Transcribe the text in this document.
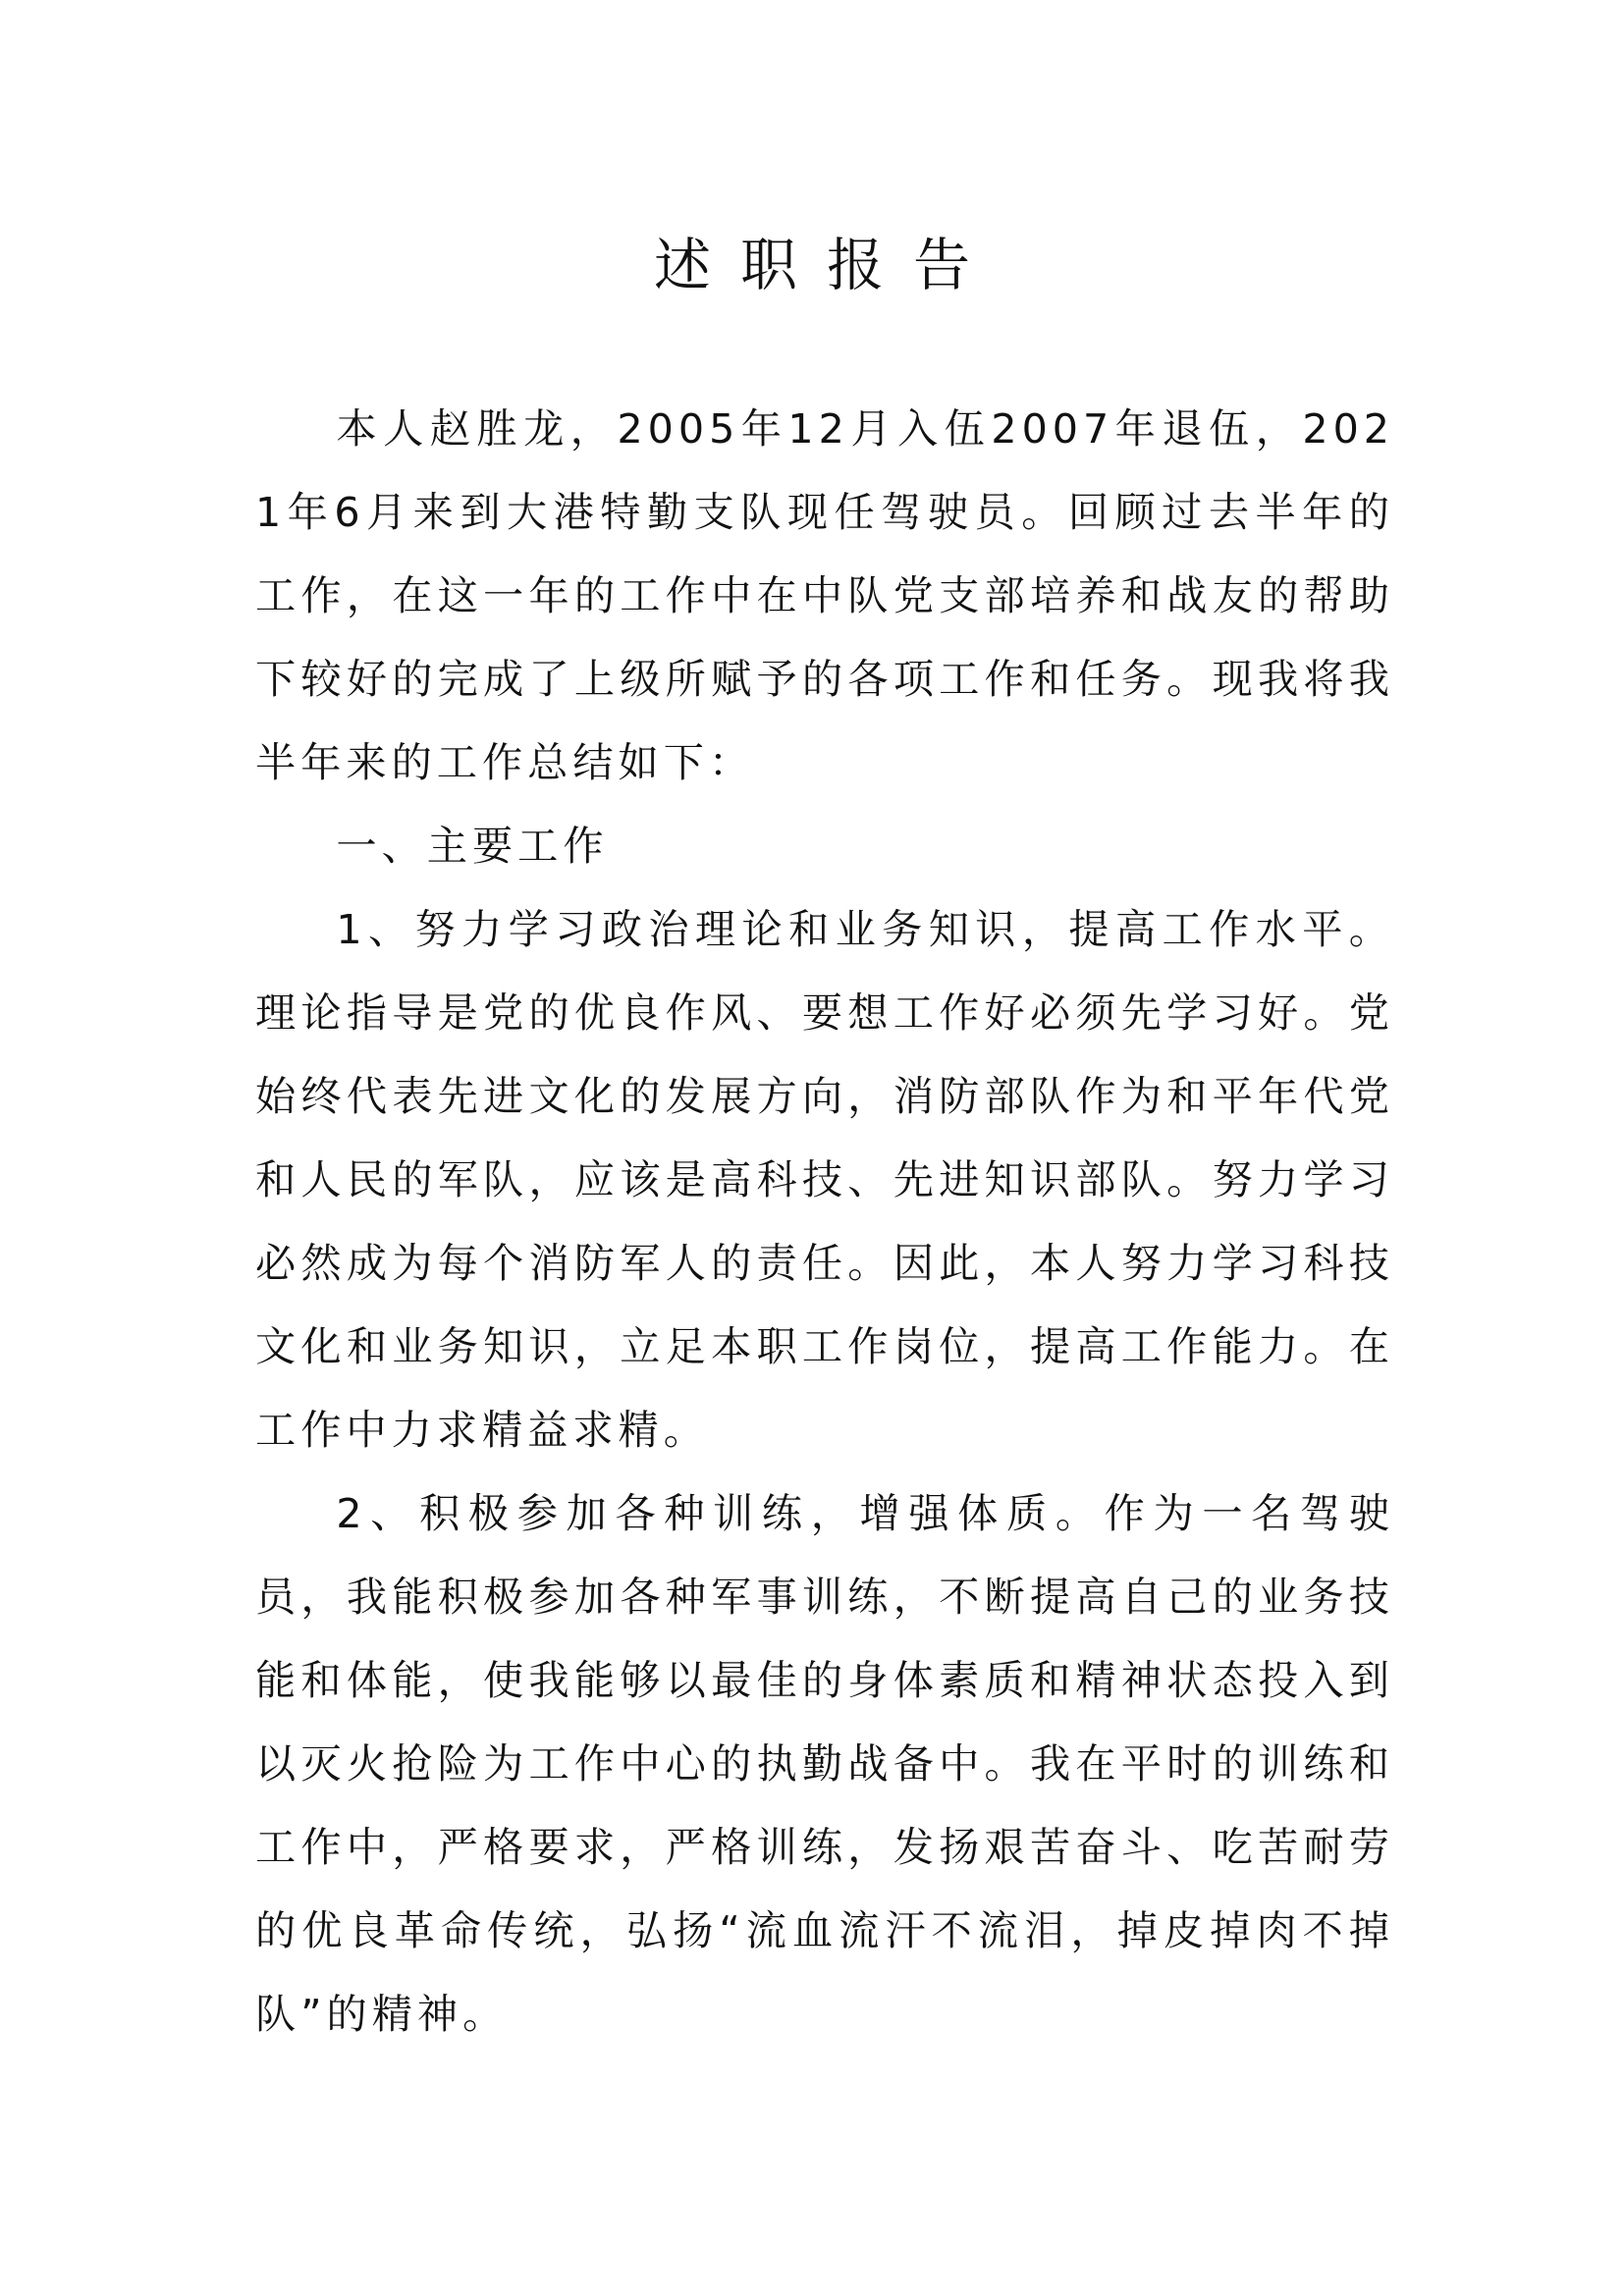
述职报告

本人赵胜龙，2005年12月入伍2007年退伍，2021年6月来到大港特勤支队现任驾驶员。回顾过去半年的工作，在这一年的工作中在中队党支部培养和战友的帮助下较好的完成了上级所赋予的各项工作和任务。现我将我半年来的工作总结如下：

一、主要工作

1、努力学习政治理论和业务知识，提高工作水平。理论指导是党的优良作风、要想工作好必须先学习好。党始终代表先进文化的发展方向，消防部队作为和平年代党和人民的军队，应该是高科技、先进知识部队。努力学习必然成为每个消防军人的责任。因此，本人努力学习科技文化和业务知识，立足本职工作岗位，提高工作能力。在工作中力求精益求精。

2、积极参加各种训练，增强体质。作为一名驾驶员，我能积极参加各种军事训练，不断提高自己的业务技能和体能，使我能够以最佳的身体素质和精神状态投入到以灭火抢险为工作中心的执勤战备中。我在平时的训练和工作中，严格要求，严格训练，发扬艰苦奋斗、吃苦耐劳的优良革命传统，弘扬“流血流汗不流泪，掉皮掉肉不掉队”的精神。
